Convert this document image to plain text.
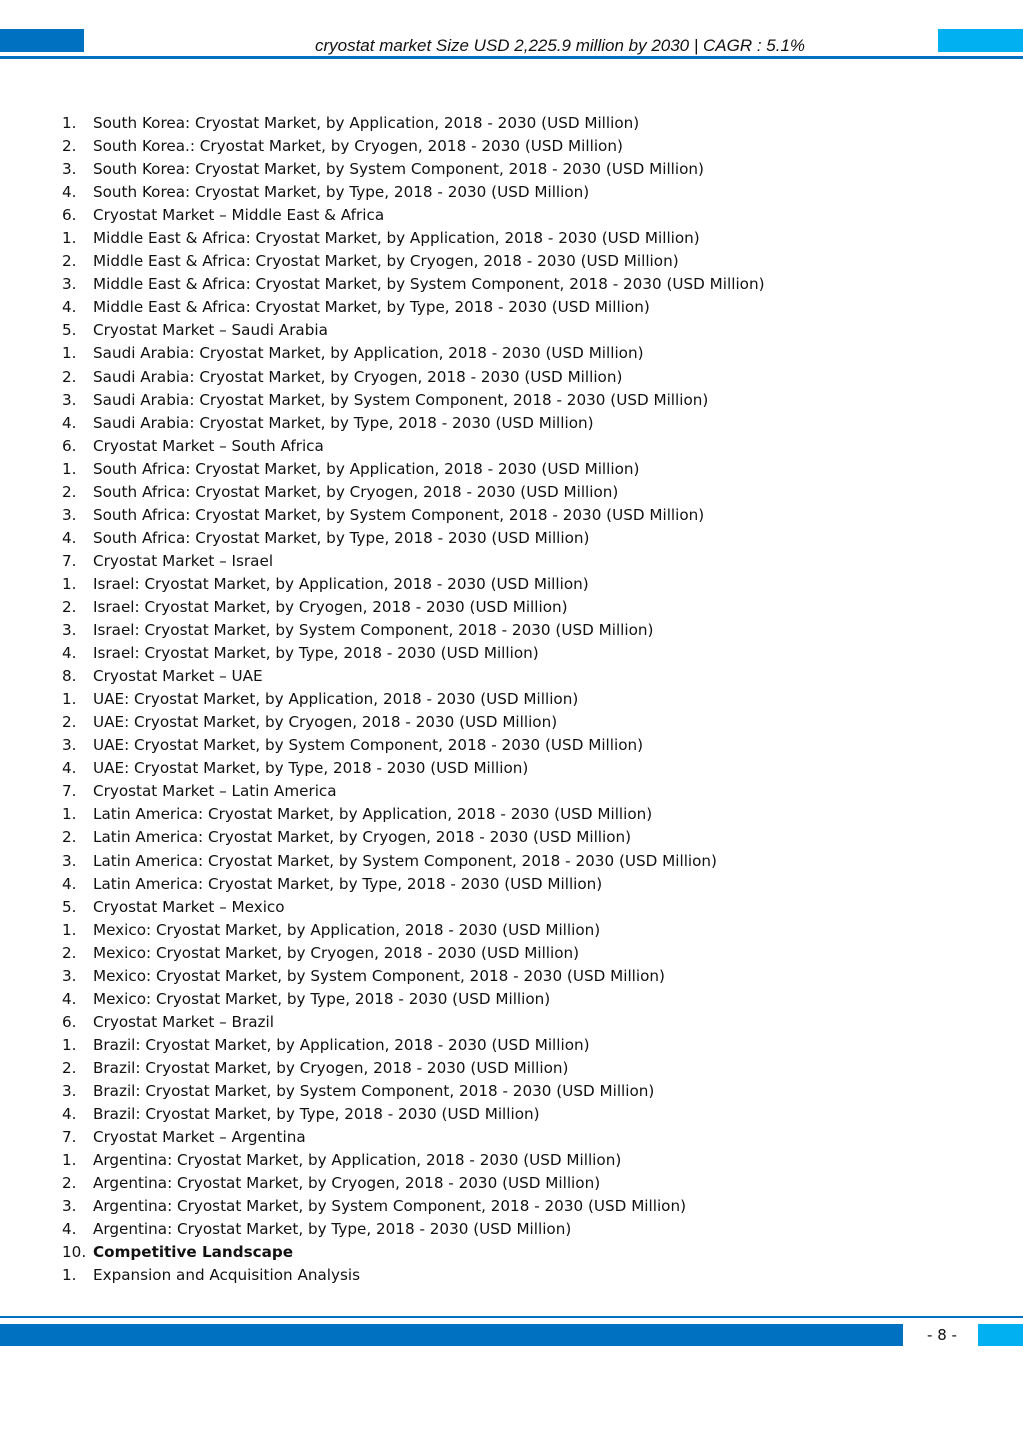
cryostat market Size USD 2,225.9 million by 2030 | CAGR : 5.1%
1.	South Korea: Cryostat Market, by Application, 2018 - 2030 (USD Million)
2.	South Korea.: Cryostat Market, by Cryogen, 2018 - 2030 (USD Million)
3.	South Korea: Cryostat Market, by System Component, 2018 - 2030 (USD Million)
4.	South Korea: Cryostat Market, by Type, 2018 - 2030 (USD Million)
6.	Cryostat Market – Middle East & Africa
1.	Middle East & Africa: Cryostat Market, by Application, 2018 - 2030 (USD Million)
2.	Middle East & Africa: Cryostat Market, by Cryogen, 2018 - 2030 (USD Million)
3.	Middle East & Africa: Cryostat Market, by System Component, 2018 - 2030 (USD Million)
4.	Middle East & Africa: Cryostat Market, by Type, 2018 - 2030 (USD Million)
5.	Cryostat Market – Saudi Arabia
1.	Saudi Arabia: Cryostat Market, by Application, 2018 - 2030 (USD Million)
2.	Saudi Arabia: Cryostat Market, by Cryogen, 2018 - 2030 (USD Million)
3.	Saudi Arabia: Cryostat Market, by System Component, 2018 - 2030 (USD Million)
4.	Saudi Arabia: Cryostat Market, by Type, 2018 - 2030 (USD Million)
6.	Cryostat Market – South Africa
1.	South Africa: Cryostat Market, by Application, 2018 - 2030 (USD Million)
2.	South Africa: Cryostat Market, by Cryogen, 2018 - 2030 (USD Million)
3.	South Africa: Cryostat Market, by System Component, 2018 - 2030 (USD Million)
4.	South Africa: Cryostat Market, by Type, 2018 - 2030 (USD Million)
7.	Cryostat Market – Israel
1.	Israel: Cryostat Market, by Application, 2018 - 2030 (USD Million)
2.	Israel: Cryostat Market, by Cryogen, 2018 - 2030 (USD Million)
3.	Israel: Cryostat Market, by System Component, 2018 - 2030 (USD Million)
4.	Israel: Cryostat Market, by Type, 2018 - 2030 (USD Million)
8.	Cryostat Market – UAE
1.	UAE: Cryostat Market, by Application, 2018 - 2030 (USD Million)
2.	UAE: Cryostat Market, by Cryogen, 2018 - 2030 (USD Million)
3.	UAE: Cryostat Market, by System Component, 2018 - 2030 (USD Million)
4.	UAE: Cryostat Market, by Type, 2018 - 2030 (USD Million)
7.	Cryostat Market – Latin America
1.	Latin America: Cryostat Market, by Application, 2018 - 2030 (USD Million)
2.	Latin America: Cryostat Market, by Cryogen, 2018 - 2030 (USD Million)
3.	Latin America: Cryostat Market, by System Component, 2018 - 2030 (USD Million)
4.	Latin America: Cryostat Market, by Type, 2018 - 2030 (USD Million)
5.	Cryostat Market – Mexico
1.	Mexico: Cryostat Market, by Application, 2018 - 2030 (USD Million)
2.	Mexico: Cryostat Market, by Cryogen, 2018 - 2030 (USD Million)
3.	Mexico: Cryostat Market, by System Component, 2018 - 2030 (USD Million)
4.	Mexico: Cryostat Market, by Type, 2018 - 2030 (USD Million)
6.	Cryostat Market – Brazil
1.	Brazil: Cryostat Market, by Application, 2018 - 2030 (USD Million)
2.	Brazil: Cryostat Market, by Cryogen, 2018 - 2030 (USD Million)
3.	Brazil: Cryostat Market, by System Component, 2018 - 2030 (USD Million)
4.	Brazil: Cryostat Market, by Type, 2018 - 2030 (USD Million)
7.	Cryostat Market – Argentina
1.	Argentina: Cryostat Market, by Application, 2018 - 2030 (USD Million)
2.	Argentina: Cryostat Market, by Cryogen, 2018 - 2030 (USD Million)
3.	Argentina: Cryostat Market, by System Component, 2018 - 2030 (USD Million)
4.	Argentina: Cryostat Market, by Type, 2018 - 2030 (USD Million)
10. Competitive Landscape
1.	Expansion and Acquisition Analysis
- 8 -
